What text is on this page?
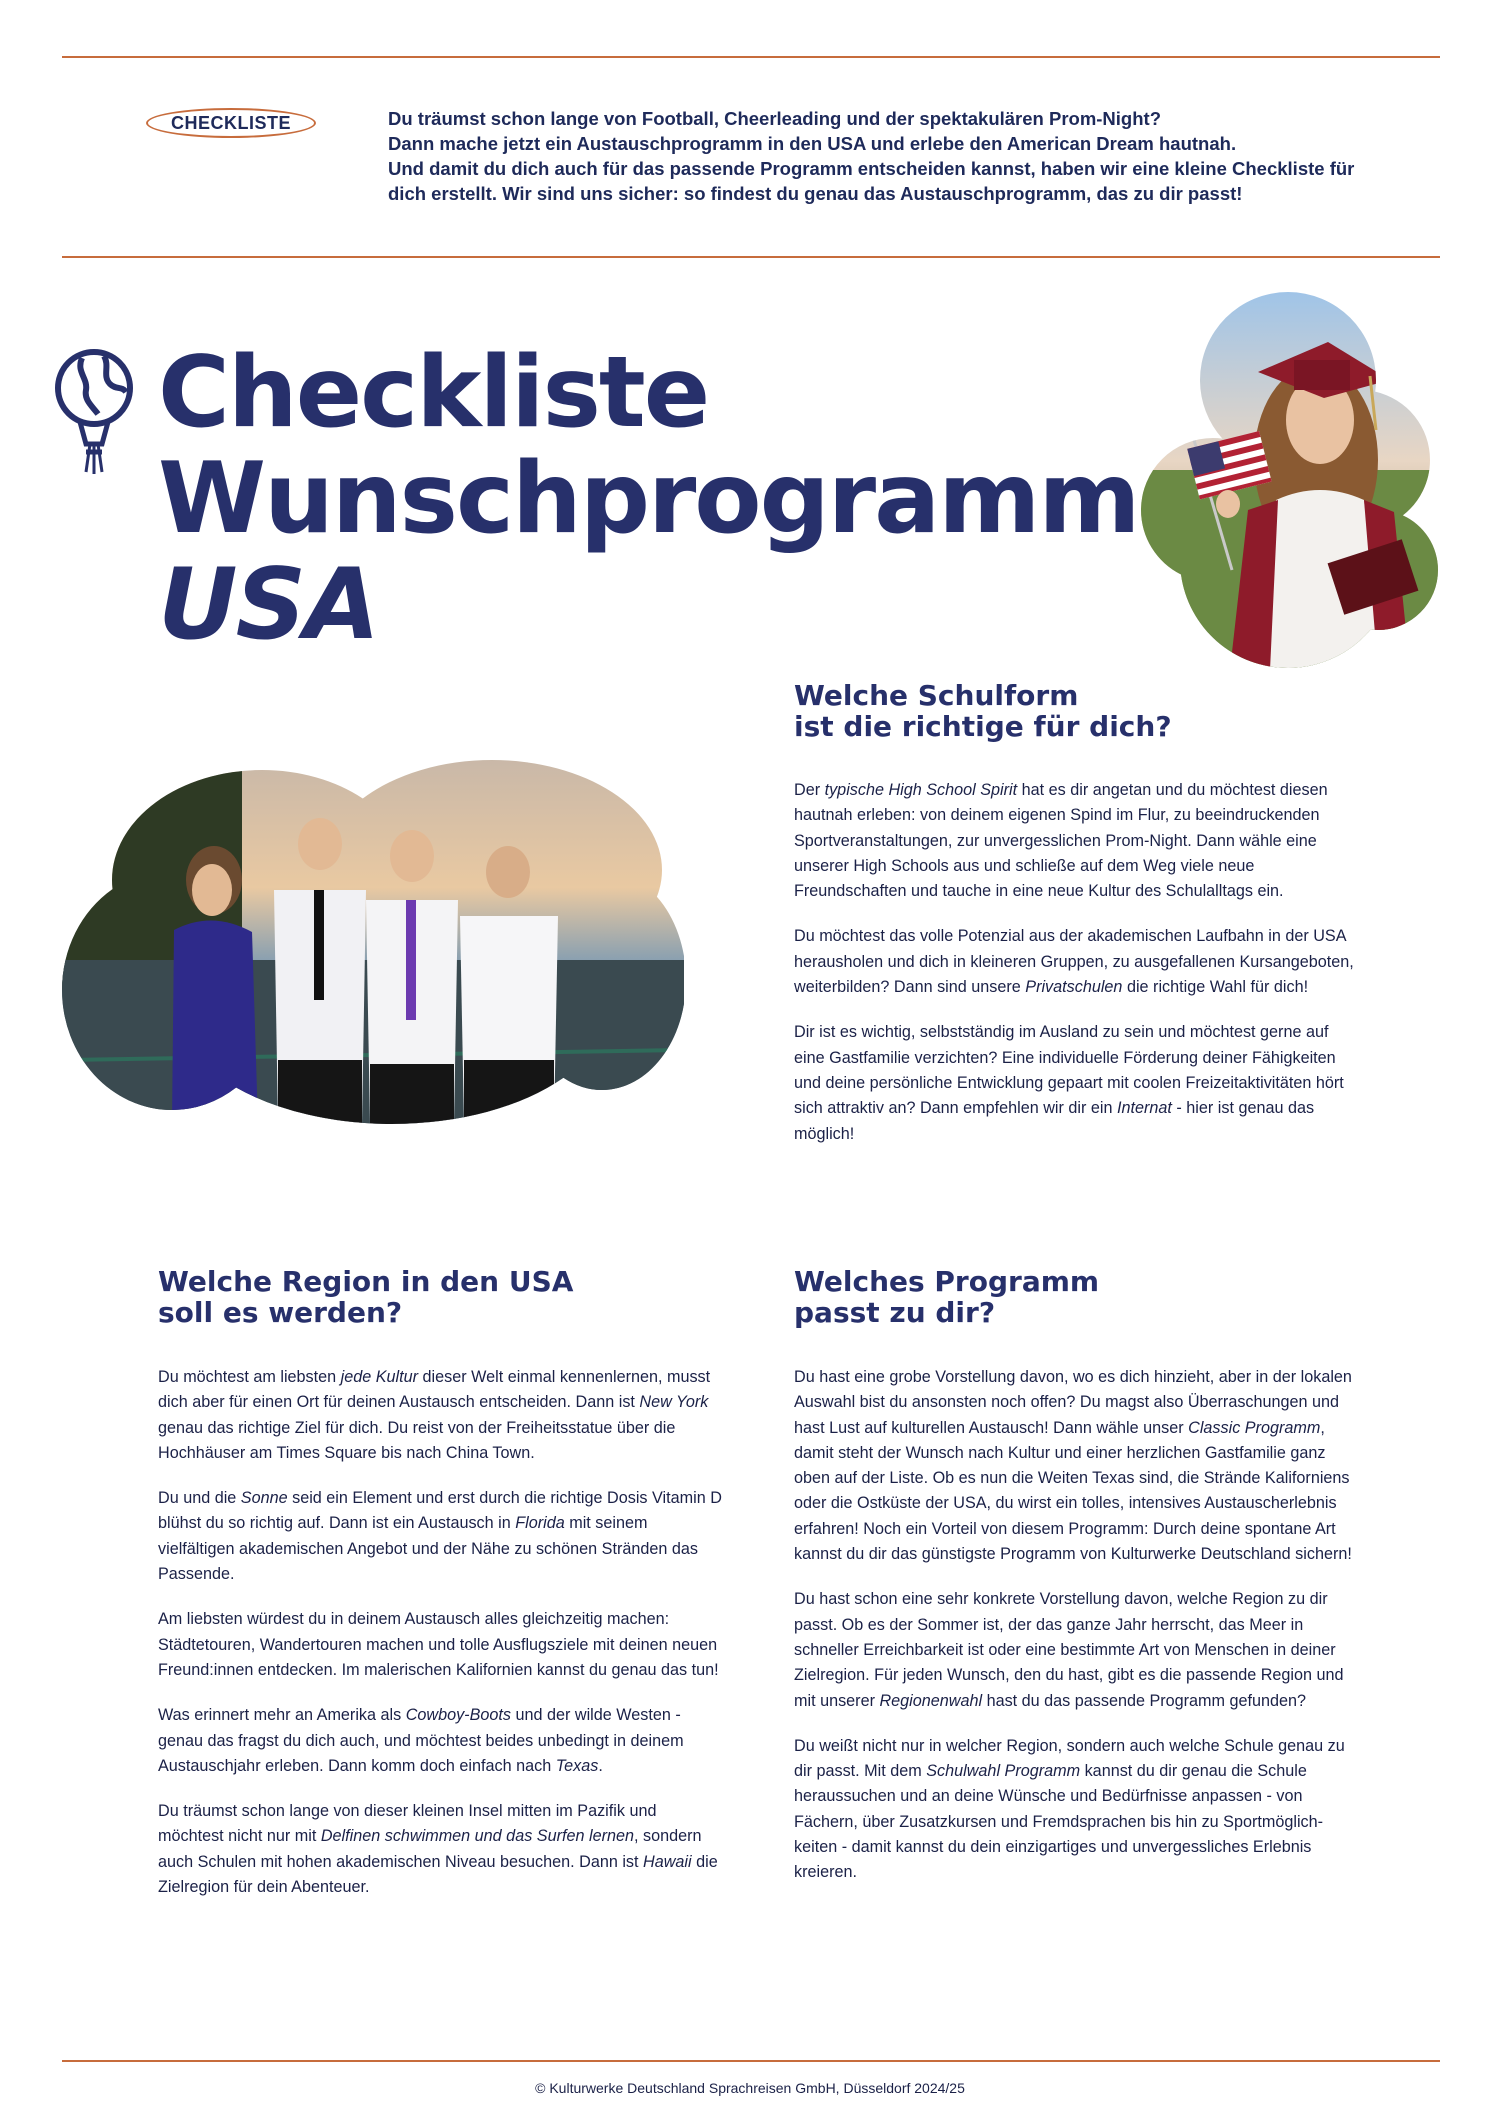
CHECKLISTE	Du träumst schon lange von Football, Cheerleading und der spektakulären Prom-Night?

Dann mache jetzt ein Austauschprogramm in den USA und erlebe den American Dream hautnah.

Und damit du dich auch für das passende Programm entscheiden kannst, haben wir eine kleine Checkliste für

dich erstellt. Wir sind uns sicher: so findest du genau das Austauschprogramm, das zu dir passt!

Checkliste
Wunschprogramm
USA
Welche Schulform
ist die richtige für dich?

Der typische High School Spirit hat es dir angetan und du möchtest diesen hautnah erleben: von deinem eigenen Spind im Flur, zu beeindruckenden Sportveranstaltungen, zur unvergesslichen Prom-Night. Dann wähle eine unserer High Schools aus und schließe auf dem Weg viele neue Freundschaften und tauche in eine neue Kultur des Schulalltags ein.

Du möchtest das volle Potenzial aus der akademischen Laufbahn in der USA herausholen und dich in kleineren Gruppen, zu ausgefallenen Kursangeboten, weiterbilden? Dann sind unsere Privatschulen die richtige Wahl für dich!

Dir ist es wichtig, selbstständig im Ausland zu sein und möchtest gerne auf eine Gastfamilie verzichten? Eine individuelle Förderung deiner Fähigkeiten und deine persönliche Entwicklung gepaart mit coolen Freizeitaktivitäten hört sich attraktiv an? Dann empfehlen wir dir ein Internat - hier ist genau das möglich!

Welche Region in den USA
soll es werden?

Du möchtest am liebsten jede Kultur dieser Welt einmal kennenlernen, musst dich aber für einen Ort für deinen Austausch entscheiden. Dann ist New York genau das richtige Ziel für dich. Du reist von der Freiheitsstatue über die Hochhäuser am Times Square bis nach China Town.

Du und die Sonne seid ein Element und erst durch die richtige Dosis Vitamin D blühst du so richtig auf. Dann ist ein Austausch in Florida mit seinem vielfältigen akademischen Angebot und der Nähe zu schönen Stränden das Passende.

Am liebsten würdest du in deinem Austausch alles gleichzeitig machen: Städtetouren, Wandertouren machen und tolle Ausflugsziele mit deinen neuen Freund:innen entdecken. Im malerischen Kalifornien kannst du genau das tun!

Was erinnert mehr an Amerika als Cowboy-Boots und der wilde Westen - genau das fragst du dich auch, und möchtest beides unbedingt in deinem Austauschjahr erleben. Dann komm doch einfach nach Texas.

Du träumst schon lange von dieser kleinen Insel mitten im Pazifik und möchtest nicht nur mit Delfinen schwimmen und das Surfen lernen, sondern auch Schulen mit hohen akademischen Niveau besuchen. Dann ist Hawaii die Zielregion für dein Abenteuer.

Welches Programm
passt zu dir?

Du hast eine grobe Vorstellung davon, wo es dich hinzieht, aber in der lokalen Auswahl bist du ansonsten noch offen? Du magst also Überraschungen und hast Lust auf kulturellen Austausch! Dann wähle unser Classic Programm, damit steht der Wunsch nach Kultur und einer herzlichen Gastfamilie ganz oben auf der Liste. Ob es nun die Weiten Texas sind, die Strände Kaliforniens oder die Ostküste der USA, du wirst ein tolles, intensives Austauscherlebnis erfahren! Noch ein Vorteil von diesem Programm: Durch deine spontane Art kannst du dir das günstigste Programm von Kulturwerke Deutschland sichern!

Du hast schon eine sehr konkrete Vorstellung davon, welche Region zu dir passt. Ob es der Sommer ist, der das ganze Jahr herrscht, das Meer in schneller Erreichbarkeit ist oder eine bestimmte Art von Menschen in deiner Zielregion. Für jeden Wunsch, den du hast, gibt es die passende Region und mit unserer Regionenwahl hast du das passende Programm gefunden?

Du weißt nicht nur in welcher Region, sondern auch welche Schule genau zu dir passt. Mit dem Schulwahl Programm kannst du dir genau die Schule heraussuchen und an deine Wünsche und Bedürfnisse anpassen - von Fächern, über Zusatzkursen und Fremdsprachen bis hin zu Sportmöglich-keiten - damit kannst du dein einzigartiges und unvergessliches Erlebnis kreieren.

© Kulturwerke Deutschland Sprachreisen GmbH, Düsseldorf 2024/25
